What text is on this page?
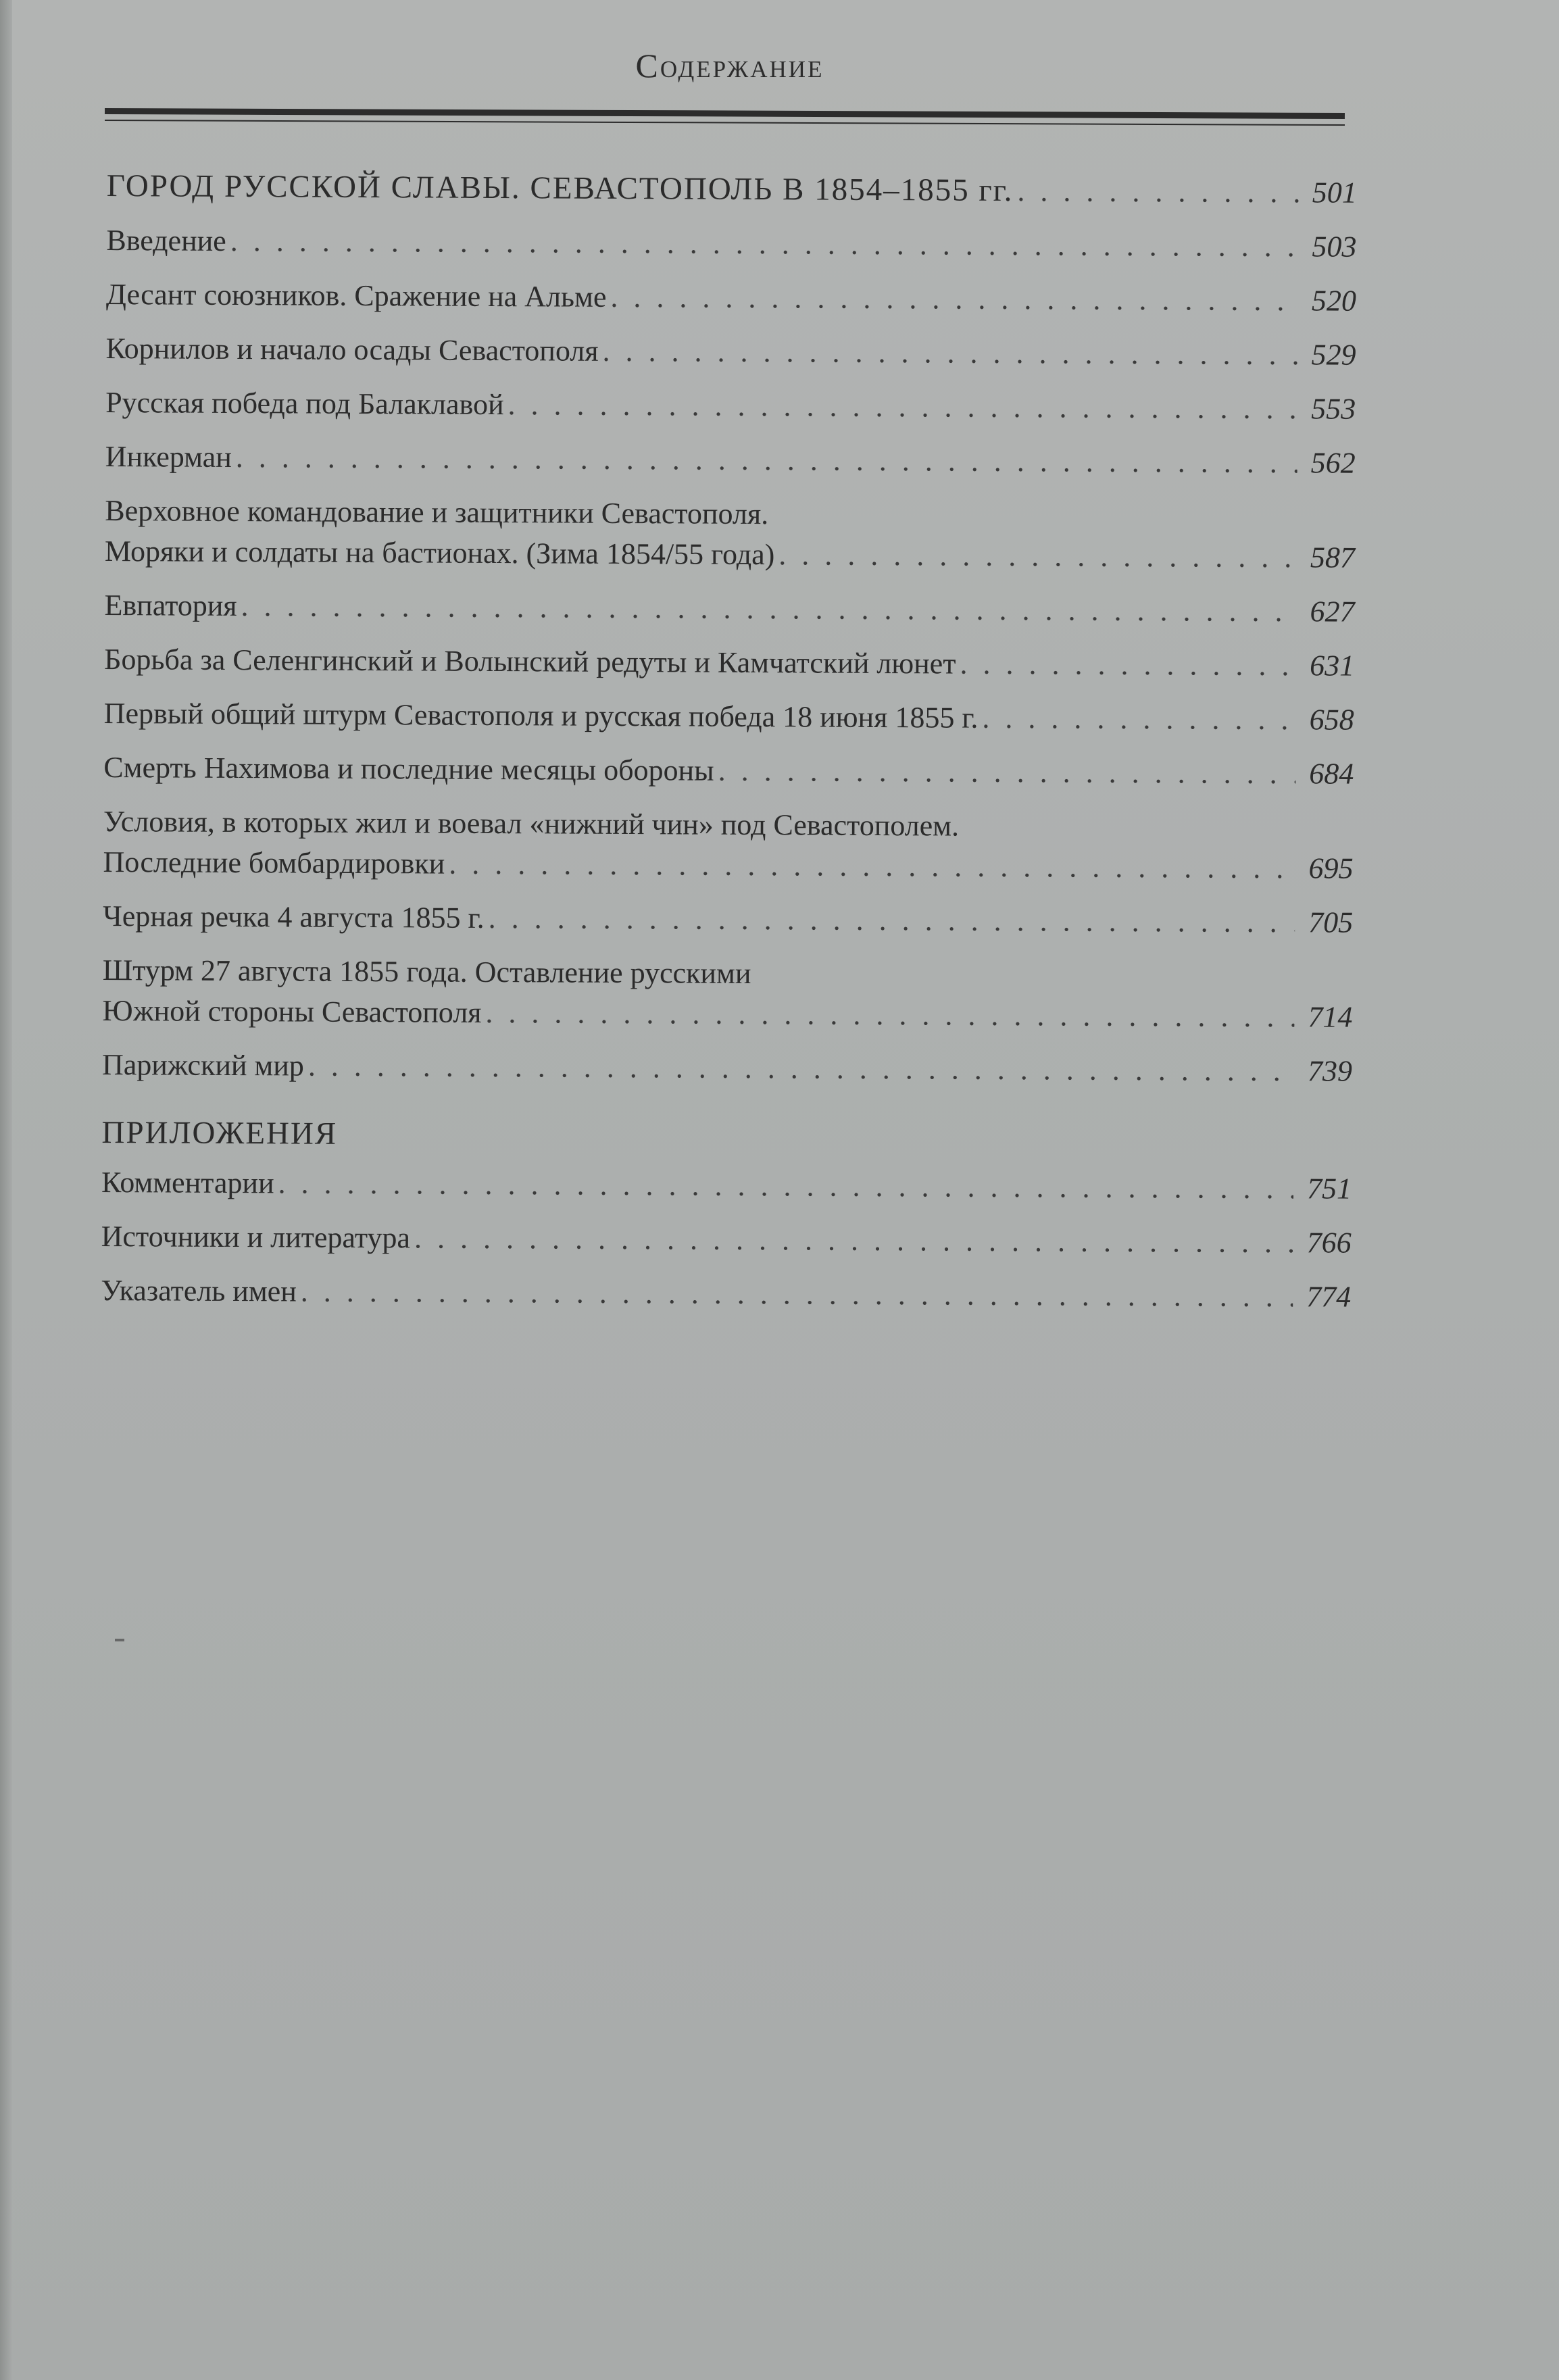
Содержание
ГОРОД РУССКОЙ СЛАВЫ. СЕВАСТОПОЛЬ В 1854–1855 гг. . . .	501
Введение . . .	503
Десант союзников. Сражение на Альме . . .	520
Корнилов и начало осады Севастополя . . .	529
Русская победа под Балаклавой . . .	553
Инкерман . . .	562
Верховное командование и защитники Севастополя.
Моряки и солдаты на бастионах. (Зима 1854/55 года) . . .	587
Евпатория . . .	627
Борьба за Селенгинский и Волынский редуты и Камчатский люнет . . .	631
Первый общий штурм Севастополя и русская победа 18 июня 1855 г. . . .	658
Смерть Нахимова и последние месяцы обороны . . .	684
Условия, в которых жил и воевал «нижний чин» под Севастополем.
Последние бомбардировки . . .	695
Черная речка 4 августа 1855 г. . . .	705
Штурм 27 августа 1855 года. Оставление русскими
Южной стороны Севастополя . . .	714
Парижский мир . . .	739
ПРИЛОЖЕНИЯ
Комментарии . . .	751
Источники и литература . . .	766
Указатель имен . . .	774
